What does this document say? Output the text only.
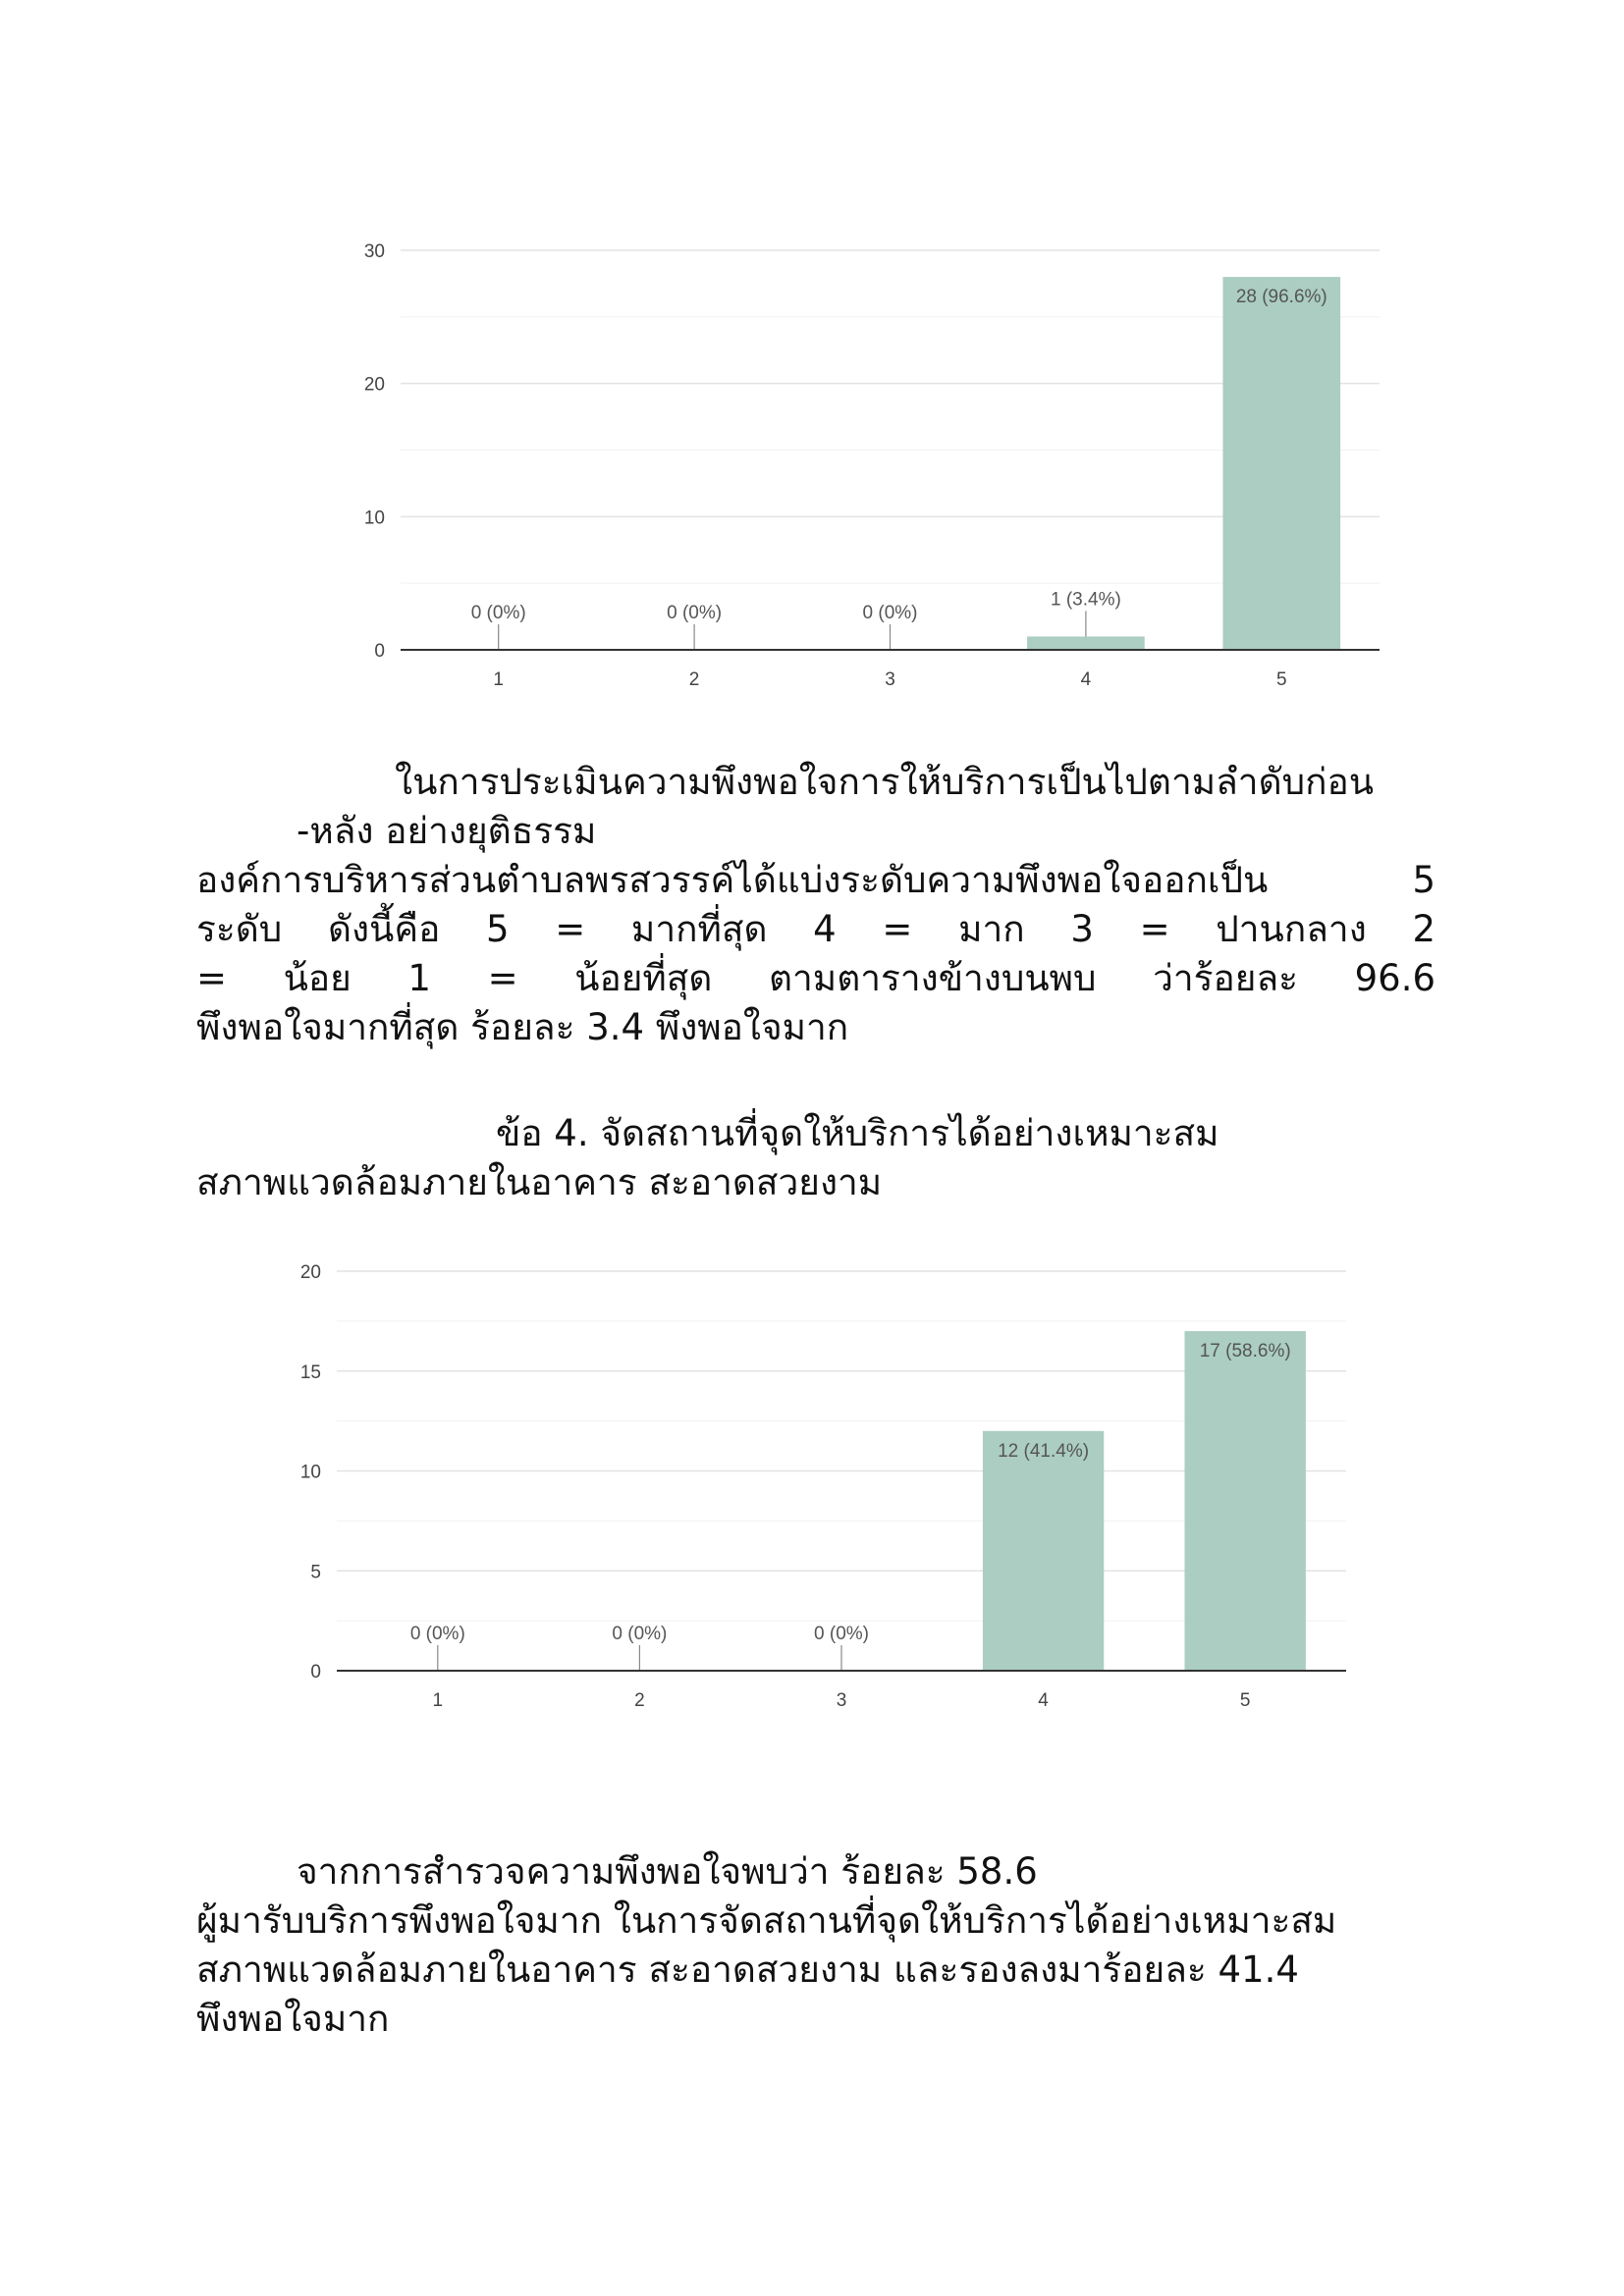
0
10
20
30
0 (0%)
1
0 (0%)
2
0 (0%)
3
1 (3.4%)
4
28 (96.6%)
5
ในการประเมินความพึงพอใจการให้บริการเป็นไปตามลำดับก่อน
-หลัง อย่างยุติธรรม
องค์การบริหารส่วนตำบลพรสวรรค์ได้แบ่งระดับความพึงพอใจออกเป็น 5
ระดับ ดังนี้คือ 5 = มากที่สุด 4 = มาก 3 = ปานกลาง 2
= น้อย 1 = น้อยที่สุด ตามตารางข้างบนพบ ว่าร้อยละ 96.6
พึงพอใจมากที่สุด ร้อยละ 3.4 พึงพอใจมาก
ข้อ 4. จัดสถานที่จุดให้บริการได้อย่างเหมาะสม
สภาพแวดล้อมภายในอาคาร สะอาดสวยงาม
0
5
10
15
20
0 (0%)
1
0 (0%)
2
0 (0%)
3
12 (41.4%)
4
17 (58.6%)
5
จากการสำรวจความพึงพอใจพบว่า ร้อยละ 58.6
ผู้มารับบริการพึงพอใจมาก ในการจัดสถานที่จุดให้บริการได้อย่างเหมาะสม
สภาพแวดล้อมภายในอาคาร สะอาดสวยงาม และรองลงมาร้อยละ 41.4
พึงพอใจมาก
